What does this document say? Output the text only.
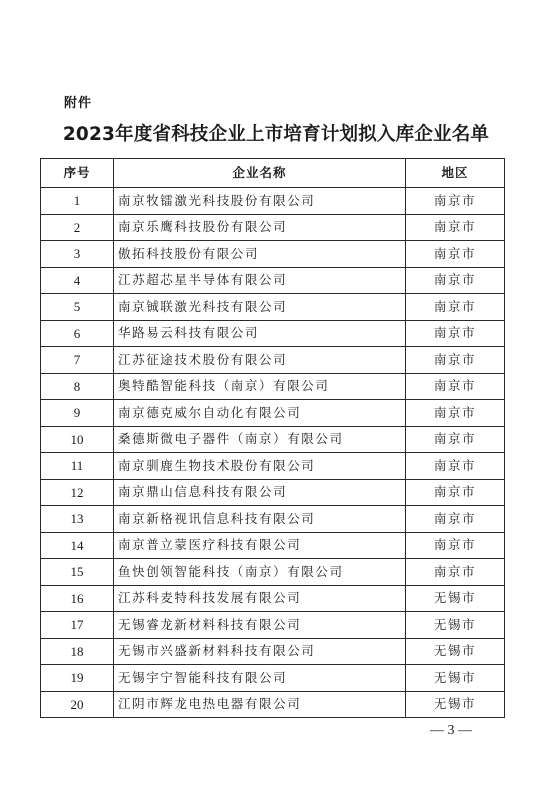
附件
2023年度省科技企业上市培育计划拟入库企业名单
序号	企业名称	地区
1	南京牧镭激光科技股份有限公司	南京市
2	南京乐鹰科技股份有限公司	南京市
3	傲拓科技股份有限公司	南京市
4	江苏超芯星半导体有限公司	南京市
5	南京铖联激光科技有限公司	南京市
6	华路易云科技有限公司	南京市
7	江苏征途技术股份有限公司	南京市
8	奥特酷智能科技（南京）有限公司	南京市
9	南京德克威尔自动化有限公司	南京市
10	桑德斯微电子器件（南京）有限公司	南京市
11	南京驯鹿生物技术股份有限公司	南京市
12	南京鼎山信息科技有限公司	南京市
13	南京新格视讯信息科技有限公司	南京市
14	南京普立蒙医疗科技有限公司	南京市
15	鱼快创领智能科技（南京）有限公司	南京市
16	江苏科麦特科技发展有限公司	无锡市
17	无锡睿龙新材料科技有限公司	无锡市
18	无锡市兴盛新材料科技有限公司	无锡市
19	无锡宇宁智能科技有限公司	无锡市
20	江阴市辉龙电热电器有限公司	无锡市
— 3 —
